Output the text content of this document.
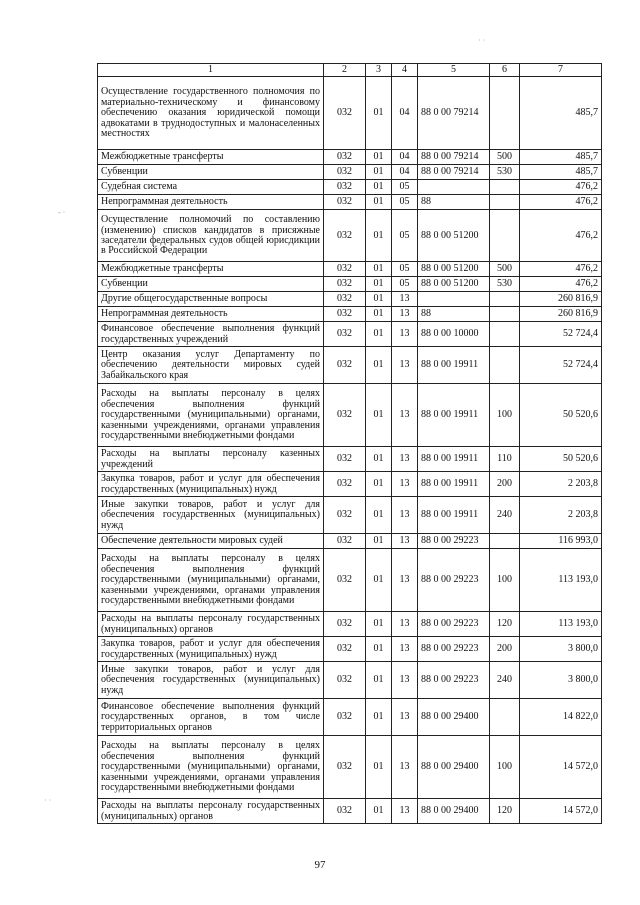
· ·
- ·
· ·
1	2	3	4	5	6	7
Осуществление государственного полномочия по материально-техническому и финансовому обеспечению оказания юридической помощи адвокатами в труднодоступных и малонаселенных местностях	032	01	04	88 0 00 79214		485,7
Межбюджетные трансферты	032	01	04	88 0 00 79214	500	485,7
Субвенции	032	01	04	88 0 00 79214	530	485,7
Судебная система	032	01	05			476,2
Непрограммная деятельность	032	01	05	88		476,2
Осуществление полномочий по составлению (изменению) списков кандидатов в присяжные заседатели федеральных судов общей юрисдикции в Российской Федерации	032	01	05	88 0 00 51200		476,2
Межбюджетные трансферты	032	01	05	88 0 00 51200	500	476,2
Субвенции	032	01	05	88 0 00 51200	530	476,2
Другие общегосударственные вопросы	032	01	13			260 816,9
Непрограммная деятельность	032	01	13	88		260 816,9
Финансовое обеспечение выполнения функций государственных учреждений	032	01	13	88 0 00 10000		52 724,4
Центр оказания услуг Департаменту по обеспечению деятельности мировых судей Забайкальского края	032	01	13	88 0 00 19911		52 724,4
Расходы на выплаты персоналу в целях обеспечения выполнения функций государственными (муниципальными) органами, казенными учреждениями, органами управления государственными внебюджетными фондами	032	01	13	88 0 00 19911	100	50 520,6
Расходы на выплаты персоналу казенных учреждений	032	01	13	88 0 00 19911	110	50 520,6
Закупка товаров, работ и услуг для обеспечения государственных (муниципальных) нужд	032	01	13	88 0 00 19911	200	2 203,8
Иные закупки товаров, работ и услуг для обеспечения государственных (муниципальных) нужд	032	01	13	88 0 00 19911	240	2 203,8
Обеспечение деятельности мировых судей	032	01	13	88 0 00 29223		116 993,0
Расходы на выплаты персоналу в целях обеспечения выполнения функций государственными (муниципальными) органами, казенными учреждениями, органами управления государственными внебюджетными фондами	032	01	13	88 0 00 29223	100	113 193,0
Расходы на выплаты персоналу государственных (муниципальных) органов	032	01	13	88 0 00 29223	120	113 193,0
Закупка товаров, работ и услуг для обеспечения государственных (муниципальных) нужд	032	01	13	88 0 00 29223	200	3 800,0
Иные закупки товаров, работ и услуг для обеспечения государственных (муниципальных) нужд	032	01	13	88 0 00 29223	240	3 800,0
Финансовое обеспечение выполнения функций государственных органов, в том числе территориальных органов	032	01	13	88 0 00 29400		14 822,0
Расходы на выплаты персоналу в целях обеспечения выполнения функций государственными (муниципальными) органами, казенными учреждениями, органами управления государственными внебюджетными фондами	032	01	13	88 0 00 29400	100	14 572,0
Расходы на выплаты персоналу государственных (муниципальных) органов	032	01	13	88 0 00 29400	120	14 572,0
97
